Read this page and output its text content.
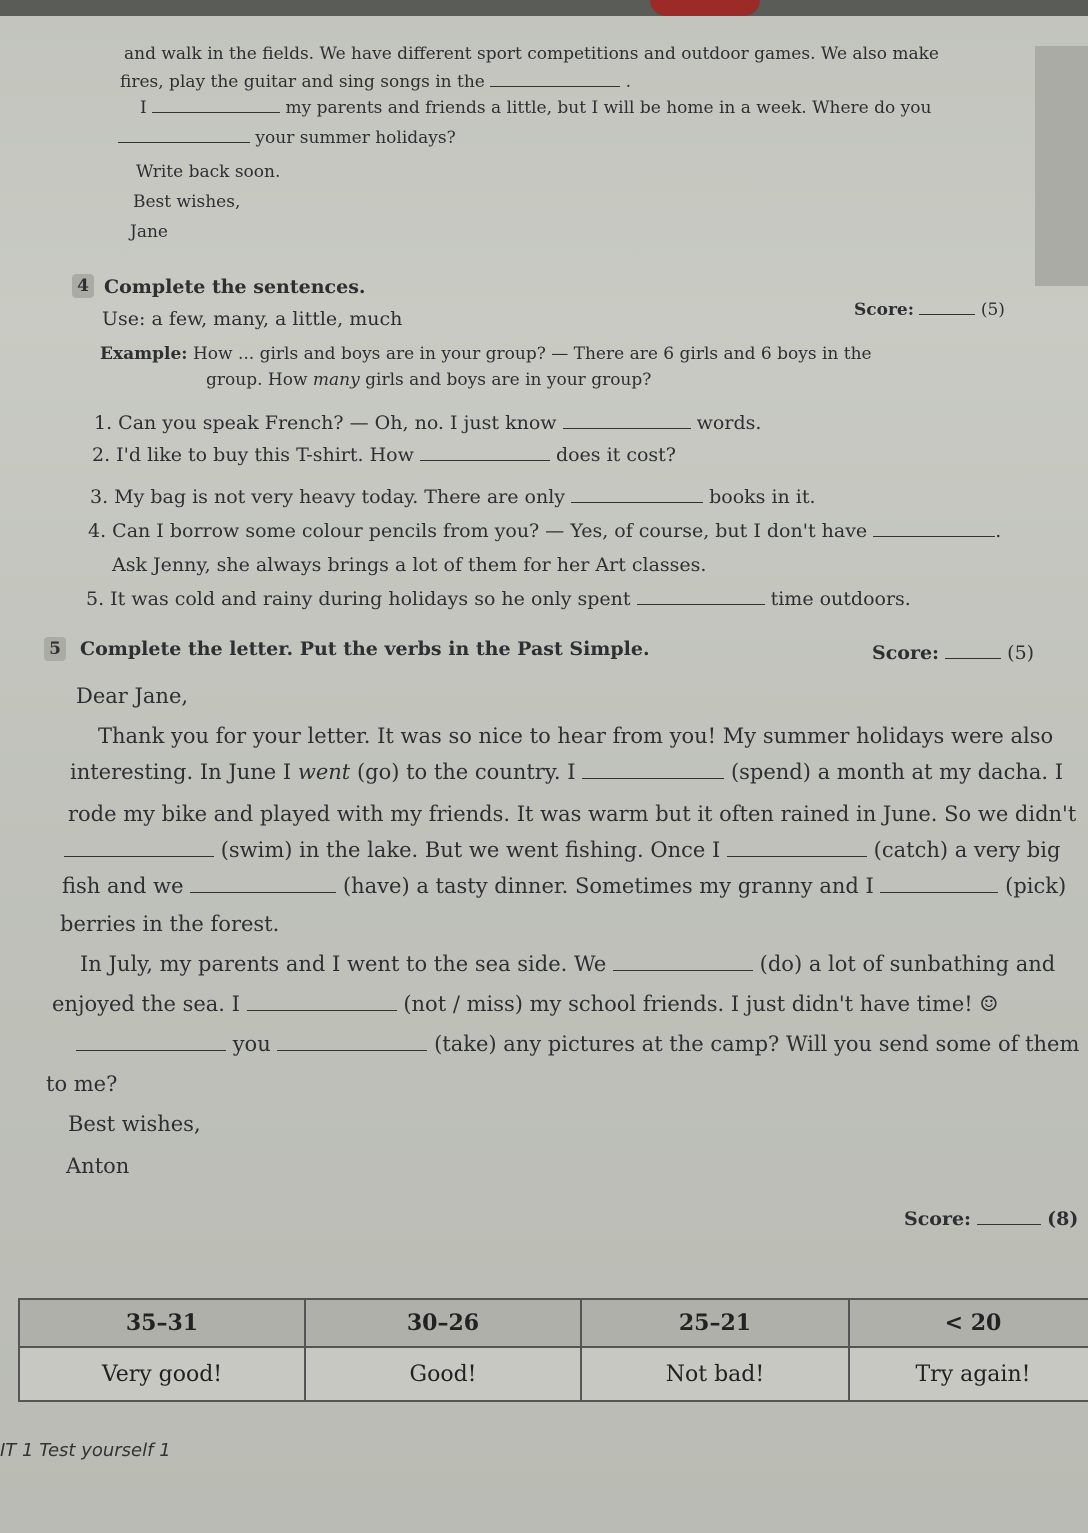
and walk in the fields. We have different sport competitions and outdoor games. We also make
fires, play the guitar and sing songs in the	.
I	my parents and friends a little, but I will be home in a week. Where do you
your summer holidays?
Write back soon.
Best wishes,
Jane
4 Complete the sentences.
Score:	(5)
Use: a few, many, a little, much
Example: How ... girls and boys are in your group? — There are 6 girls and 6 boys in the
group. How many girls and boys are in your group?
1. Can you speak French? — Oh, no. I just know	words.
2. I'd like to buy this T-shirt. How	does it cost?
3. My bag is not very heavy today. There are only	books in it.
4. Can I borrow some colour pencils from you? — Yes, of course, but I don't have	.
Ask Jenny, she always brings a lot of them for her Art classes.
5. It was cold and rainy during holidays so he only spent	time outdoors.
5 Complete the letter. Put the verbs in the Past Simple.	Score:	(5)
Dear Jane,
Thank you for your letter. It was so nice to hear from you! My summer holidays were also
interesting. In June I went (go) to the country. I	(spend) a month at my dacha. I
rode my bike and played with my friends. It was warm but it often rained in June. So we didn't
(swim) in the lake. But we went fishing. Once I	(catch) a very big
fish and we	(have) a tasty dinner. Sometimes my granny and I	(pick)
berries in the forest.
In July, my parents and I went to the sea side. We	(do) a lot of sunbathing and
enjoyed the sea. I	(not / miss) my school friends. I just didn't have time! ☺
you	(take) any pictures at the camp? Will you send some of them
to me?
Best wishes,
Anton
Score:	(8)
35–31	30–26	25–21	< 20
Very good!	Good!	Not bad!	Try again!
IT 1 Test yourself 1
